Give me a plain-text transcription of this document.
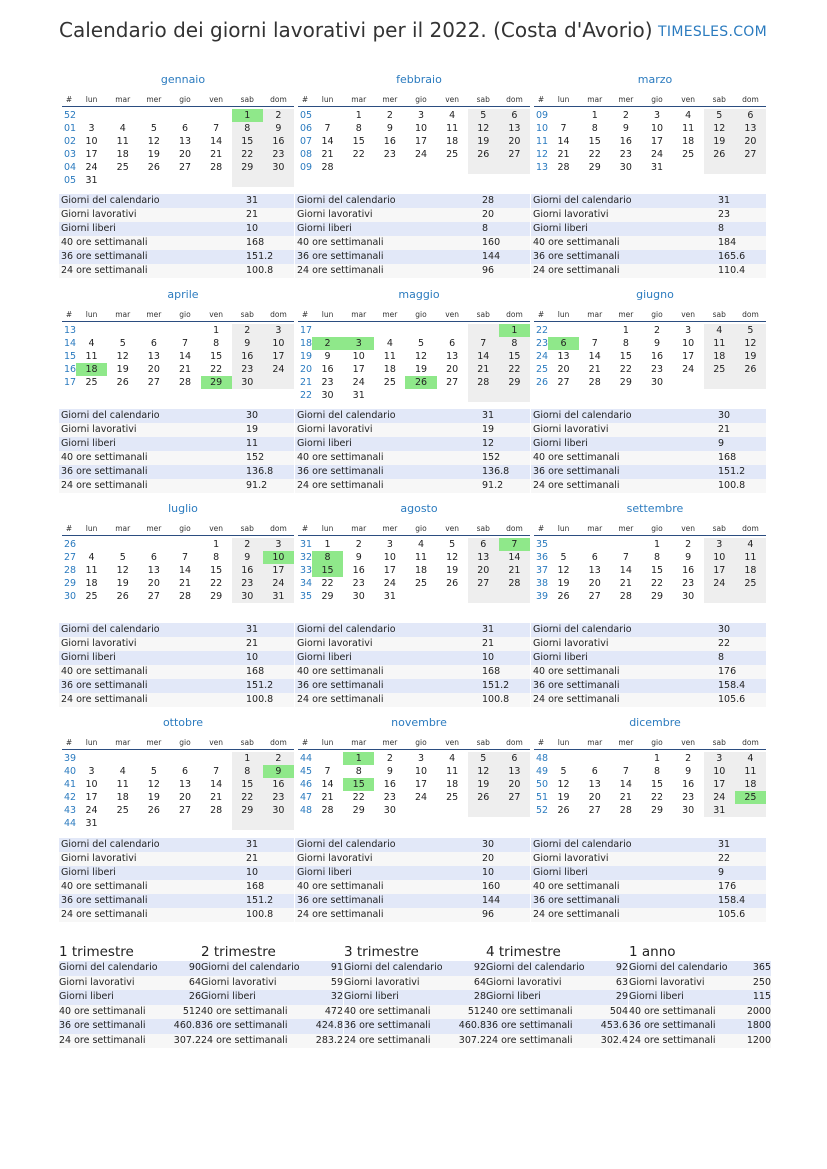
Calendario dei giorni lavorativi per il 2022. (Costa d'Avorio) TIMESLES.COM
gennaio
#	lun	mar	mer	gio	ven	sab	dom

52						1	2
01	3	4	5	6	7	8	9
02	10	11	12	13	14	15	16
03	17	18	19	20	21	22	23
04	24	25	26	27	28	29	30
05	31						
Giorni del calendario	31
Giorni lavorativi	21
Giorni liberi	10
40 ore settimanali	168
36 ore settimanali	151.2
24 ore settimanali	100.8
febbraio
#	lun	mar	mer	gio	ven	sab	dom

05		1	2	3	4	5	6
06	7	8	9	10	11	12	13
07	14	15	16	17	18	19	20
08	21	22	23	24	25	26	27
09	28						
Giorni del calendario	28
Giorni lavorativi	20
Giorni liberi	8
40 ore settimanali	160
36 ore settimanali	144
24 ore settimanali	96
marzo
#	lun	mar	mer	gio	ven	sab	dom

09		1	2	3	4	5	6
10	7	8	9	10	11	12	13
11	14	15	16	17	18	19	20
12	21	22	23	24	25	26	27
13	28	29	30	31			
Giorni del calendario	31
Giorni lavorativi	23
Giorni liberi	8
40 ore settimanali	184
36 ore settimanali	165.6
24 ore settimanali	110.4
aprile
#	lun	mar	mer	gio	ven	sab	dom

13					1	2	3
14	4	5	6	7	8	9	10
15	11	12	13	14	15	16	17
16	18	19	20	21	22	23	24
17	25	26	27	28	29	30	
Giorni del calendario	30
Giorni lavorativi	19
Giorni liberi	11
40 ore settimanali	152
36 ore settimanali	136.8
24 ore settimanali	91.2
maggio
#	lun	mar	mer	gio	ven	sab	dom

17							1
18	2	3	4	5	6	7	8
19	9	10	11	12	13	14	15
20	16	17	18	19	20	21	22
21	23	24	25	26	27	28	29
22	30	31					
Giorni del calendario	31
Giorni lavorativi	19
Giorni liberi	12
40 ore settimanali	152
36 ore settimanali	136.8
24 ore settimanali	91.2
giugno
#	lun	mar	mer	gio	ven	sab	dom

22			1	2	3	4	5
23	6	7	8	9	10	11	12
24	13	14	15	16	17	18	19
25	20	21	22	23	24	25	26
26	27	28	29	30			
Giorni del calendario	30
Giorni lavorativi	21
Giorni liberi	9
40 ore settimanali	168
36 ore settimanali	151.2
24 ore settimanali	100.8
luglio
#	lun	mar	mer	gio	ven	sab	dom

26					1	2	3
27	4	5	6	7	8	9	10
28	11	12	13	14	15	16	17
29	18	19	20	21	22	23	24
30	25	26	27	28	29	30	31
Giorni del calendario	31
Giorni lavorativi	21
Giorni liberi	10
40 ore settimanali	168
36 ore settimanali	151.2
24 ore settimanali	100.8
agosto
#	lun	mar	mer	gio	ven	sab	dom

31	1	2	3	4	5	6	7
32	8	9	10	11	12	13	14
33	15	16	17	18	19	20	21
34	22	23	24	25	26	27	28
35	29	30	31				
Giorni del calendario	31
Giorni lavorativi	21
Giorni liberi	10
40 ore settimanali	168
36 ore settimanali	151.2
24 ore settimanali	100.8
settembre
#	lun	mar	mer	gio	ven	sab	dom

35				1	2	3	4
36	5	6	7	8	9	10	11
37	12	13	14	15	16	17	18
38	19	20	21	22	23	24	25
39	26	27	28	29	30		
Giorni del calendario	30
Giorni lavorativi	22
Giorni liberi	8
40 ore settimanali	176
36 ore settimanali	158.4
24 ore settimanali	105.6
ottobre
#	lun	mar	mer	gio	ven	sab	dom

39						1	2
40	3	4	5	6	7	8	9
41	10	11	12	13	14	15	16
42	17	18	19	20	21	22	23
43	24	25	26	27	28	29	30
44	31						
Giorni del calendario	31
Giorni lavorativi	21
Giorni liberi	10
40 ore settimanali	168
36 ore settimanali	151.2
24 ore settimanali	100.8
novembre
#	lun	mar	mer	gio	ven	sab	dom

44		1	2	3	4	5	6
45	7	8	9	10	11	12	13
46	14	15	16	17	18	19	20
47	21	22	23	24	25	26	27
48	28	29	30				
Giorni del calendario	30
Giorni lavorativi	20
Giorni liberi	10
40 ore settimanali	160
36 ore settimanali	144
24 ore settimanali	96
dicembre
#	lun	mar	mer	gio	ven	sab	dom

48				1	2	3	4
49	5	6	7	8	9	10	11
50	12	13	14	15	16	17	18
51	19	20	21	22	23	24	25
52	26	27	28	29	30	31	
Giorni del calendario	31
Giorni lavorativi	22
Giorni liberi	9
40 ore settimanali	176
36 ore settimanali	158.4
24 ore settimanali	105.6
1 trimestre
Giorni del calendario	90
Giorni lavorativi	64
Giorni liberi	26
40 ore settimanali	512
36 ore settimanali	460.8
24 ore settimanali	307.2
2 trimestre
Giorni del calendario	91
Giorni lavorativi	59
Giorni liberi	32
40 ore settimanali	472
36 ore settimanali	424.8
24 ore settimanali	283.2
3 trimestre
Giorni del calendario	92
Giorni lavorativi	64
Giorni liberi	28
40 ore settimanali	512
36 ore settimanali	460.8
24 ore settimanali	307.2
4 trimestre
Giorni del calendario	92
Giorni lavorativi	63
Giorni liberi	29
40 ore settimanali	504
36 ore settimanali	453.6
24 ore settimanali	302.4
1 anno
Giorni del calendario	365
Giorni lavorativi	250
Giorni liberi	115
40 ore settimanali	2000
36 ore settimanali	1800
24 ore settimanali	1200
